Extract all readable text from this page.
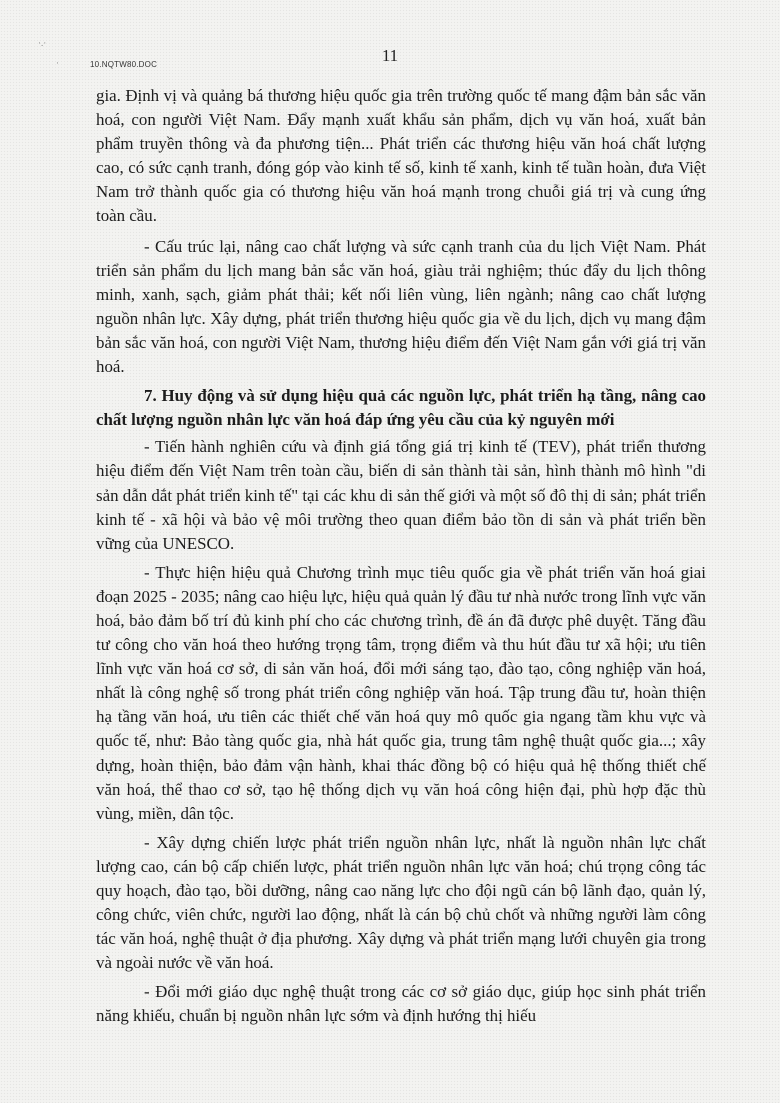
·.·
·	11
10.NQTW80.DOC

gia. Định vị và quảng bá thương hiệu quốc gia trên trường quốc tế mang đậm bản sắc văn hoá, con người Việt Nam. Đẩy mạnh xuất khẩu sản phẩm, dịch vụ văn hoá, xuất bản phẩm truyền thông và đa phương tiện... Phát triển các thương hiệu văn hoá chất lượng cao, có sức cạnh tranh, đóng góp vào kinh tế số, kinh tế xanh, kinh tế tuần hoàn, đưa Việt Nam trở thành quốc gia có thương hiệu văn hoá mạnh trong chuỗi giá trị và cung ứng toàn cầu.

- Cấu trúc lại, nâng cao chất lượng và sức cạnh tranh của du lịch Việt Nam. Phát triển sản phẩm du lịch mang bản sắc văn hoá, giàu trải nghiệm; thúc đẩy du lịch thông minh, xanh, sạch, giảm phát thải; kết nối liên vùng, liên ngành; nâng cao chất lượng nguồn nhân lực. Xây dựng, phát triển thương hiệu quốc gia về du lịch, dịch vụ mang đậm bản sắc văn hoá, con người Việt Nam, thương hiệu điểm đến Việt Nam gắn với giá trị văn hoá.

7. Huy động và sử dụng hiệu quả các nguồn lực, phát triển hạ tầng, nâng cao chất lượng nguồn nhân lực văn hoá đáp ứng yêu cầu của kỷ nguyên mới

- Tiến hành nghiên cứu và định giá tổng giá trị kinh tế (TEV), phát triển thương hiệu điểm đến Việt Nam trên toàn cầu, biến di sản thành tài sản, hình thành mô hình "di sản dẫn dắt phát triển kinh tế" tại các khu di sản thế giới và một số đô thị di sản; phát triển kinh tế - xã hội và bảo vệ môi trường theo quan điểm bảo tồn di sản và phát triển bền vững của UNESCO.

- Thực hiện hiệu quả Chương trình mục tiêu quốc gia về phát triển văn hoá giai đoạn 2025 - 2035; nâng cao hiệu lực, hiệu quả quản lý đầu tư nhà nước trong lĩnh vực văn hoá, bảo đảm bố trí đủ kinh phí cho các chương trình, đề án đã được phê duyệt. Tăng đầu tư công cho văn hoá theo hướng trọng tâm, trọng điểm và thu hút đầu tư xã hội; ưu tiên lĩnh vực văn hoá cơ sở, di sản văn hoá, đổi mới sáng tạo, đào tạo, công nghiệp văn hoá, nhất là công nghệ số trong phát triển công nghiệp văn hoá. Tập trung đầu tư, hoàn thiện hạ tầng văn hoá, ưu tiên các thiết chế văn hoá quy mô quốc gia ngang tầm khu vực và quốc tế, như: Bảo tàng quốc gia, nhà hát quốc gia, trung tâm nghệ thuật quốc gia...; xây dựng, hoàn thiện, bảo đảm vận hành, khai thác đồng bộ có hiệu quả hệ thống thiết chế văn hoá, thể thao cơ sở, tạo hệ thống dịch vụ văn hoá công hiện đại, phù hợp đặc thù vùng, miền, dân tộc.

- Xây dựng chiến lược phát triển nguồn nhân lực, nhất là nguồn nhân lực chất lượng cao, cán bộ cấp chiến lược, phát triển nguồn nhân lực văn hoá; chú trọng công tác quy hoạch, đào tạo, bồi dưỡng, nâng cao năng lực cho đội ngũ cán bộ lãnh đạo, quản lý, công chức, viên chức, người lao động, nhất là cán bộ chủ chốt và những người làm công tác văn hoá, nghệ thuật ở địa phương. Xây dựng và phát triển mạng lưới chuyên gia trong và ngoài nước về văn hoá.

- Đổi mới giáo dục nghệ thuật trong các cơ sở giáo dục, giúp học sinh phát triển năng khiếu, chuẩn bị nguồn nhân lực sớm và định hướng thị hiếu
